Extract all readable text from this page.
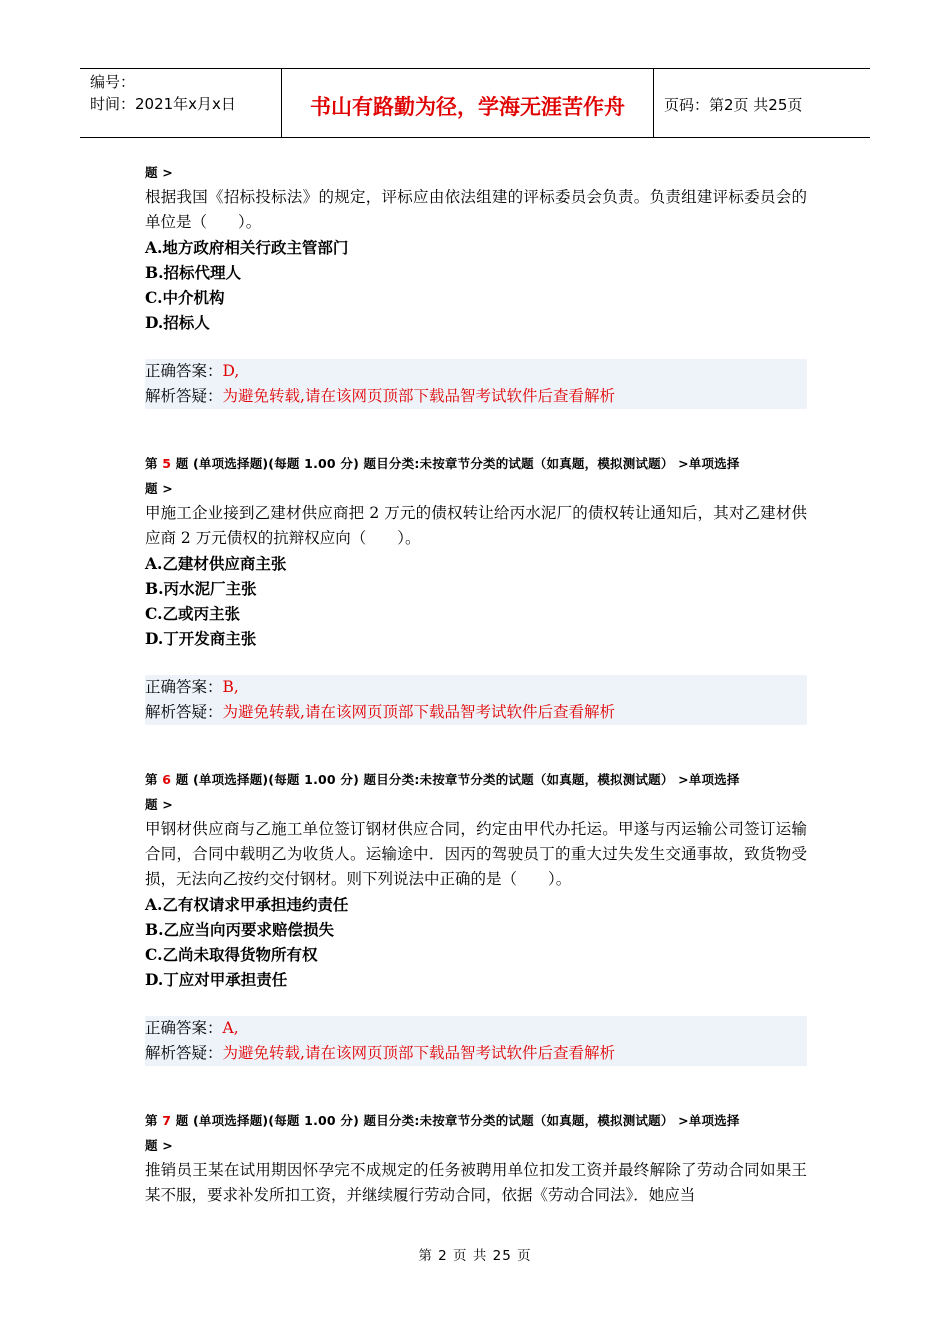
编号：
时间：2021年x月x日	书山有路勤为径，学海无涯苦作舟	页码：第2页 共25页
题 >
根据我国《招标投标法》的规定，评标应由依法组建的评标委员会负责。负责组建评标委员会的单位是（　　）。
A.地方政府相关行政主管部门
B.招标代理人
C.中介机构
D.招标人
正确答案：D,
解析答疑：为避免转载,请在该网页顶部下载品智考试软件后查看解析
第 5 题 (单项选择题)(每题 1.00 分) 题目分类:未按章节分类的试题（如真题，模拟测试题） >单项选择
题 >
甲施工企业接到乙建材供应商把 2 万元的债权转让给丙水泥厂的债权转让通知后，其对乙建材供应商 2 万元债权的抗辩权应向（　　）。
A.乙建材供应商主张
B.丙水泥厂主张
C.乙或丙主张
D.丁开发商主张
正确答案：B,
解析答疑：为避免转载,请在该网页顶部下载品智考试软件后查看解析
第 6 题 (单项选择题)(每题 1.00 分) 题目分类:未按章节分类的试题（如真题，模拟测试题） >单项选择
题 >
甲钢材供应商与乙施工单位签订钢材供应合同，约定由甲代办托运。甲遂与丙运输公司签订运输合同，合同中载明乙为收货人。运输途中．因丙的驾驶员丁的重大过失发生交通事故，致货物受损，无法向乙按约交付钢材。则下列说法中正确的是（　　）。
A.乙有权请求甲承担违约责任
B.乙应当向丙要求赔偿损失
C.乙尚未取得货物所有权
D.丁应对甲承担责任
正确答案：A,
解析答疑：为避免转载,请在该网页顶部下载品智考试软件后查看解析
第 7 题 (单项选择题)(每题 1.00 分) 题目分类:未按章节分类的试题（如真题，模拟测试题） >单项选择
题 >
推销员王某在试用期因怀孕完不成规定的任务被聘用单位扣发工资并最终解除了劳动合同如果王某不服，要求补发所扣工资，并继续履行劳动合同，依据《劳动合同法》．她应当
第 2 页 共 25 页
